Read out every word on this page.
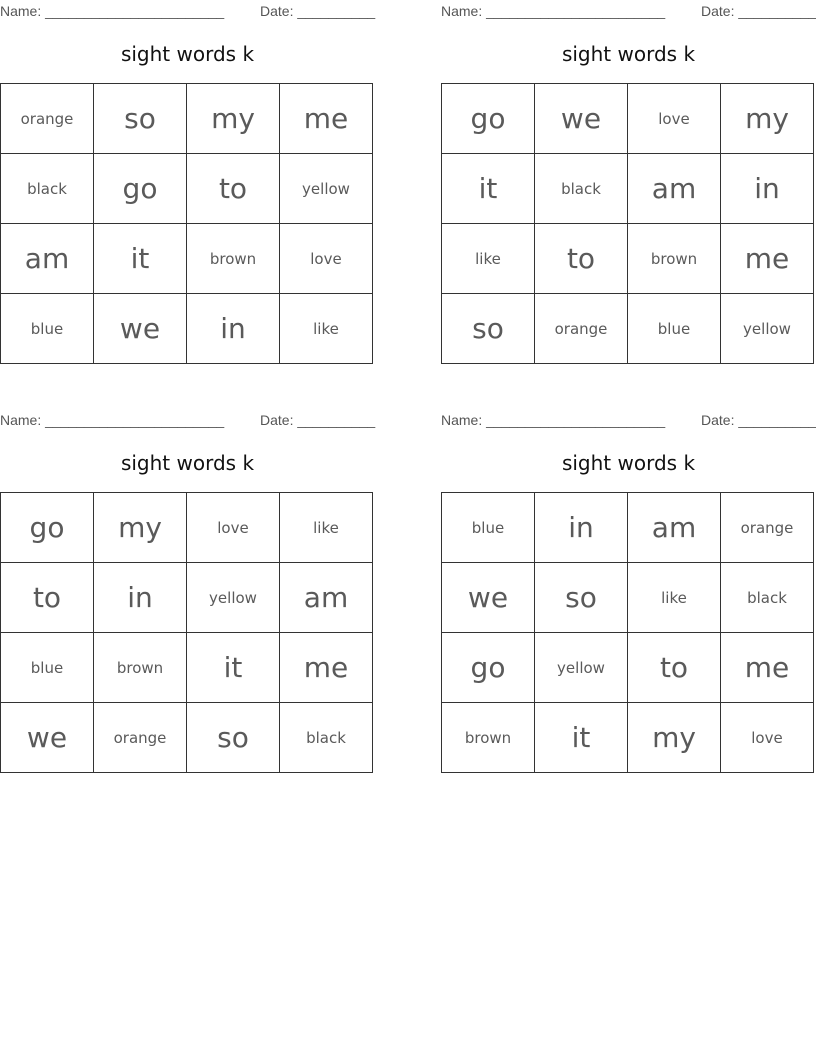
Name: _______________________	Date: __________
sight words k
orange	so	my	me
black	go	to	yellow
am	it	brown	love
blue	we	in	like
Name: _______________________	Date: __________
sight words k
go	we	love	my
it	black	am	in
like	to	brown	me
so	orange	blue	yellow
Name: _______________________	Date: __________
sight words k
go	my	love	like
to	in	yellow	am
blue	brown	it	me
we	orange	so	black
Name: _______________________	Date: __________
sight words k
blue	in	am	orange
we	so	like	black
go	yellow	to	me
brown	it	my	love
